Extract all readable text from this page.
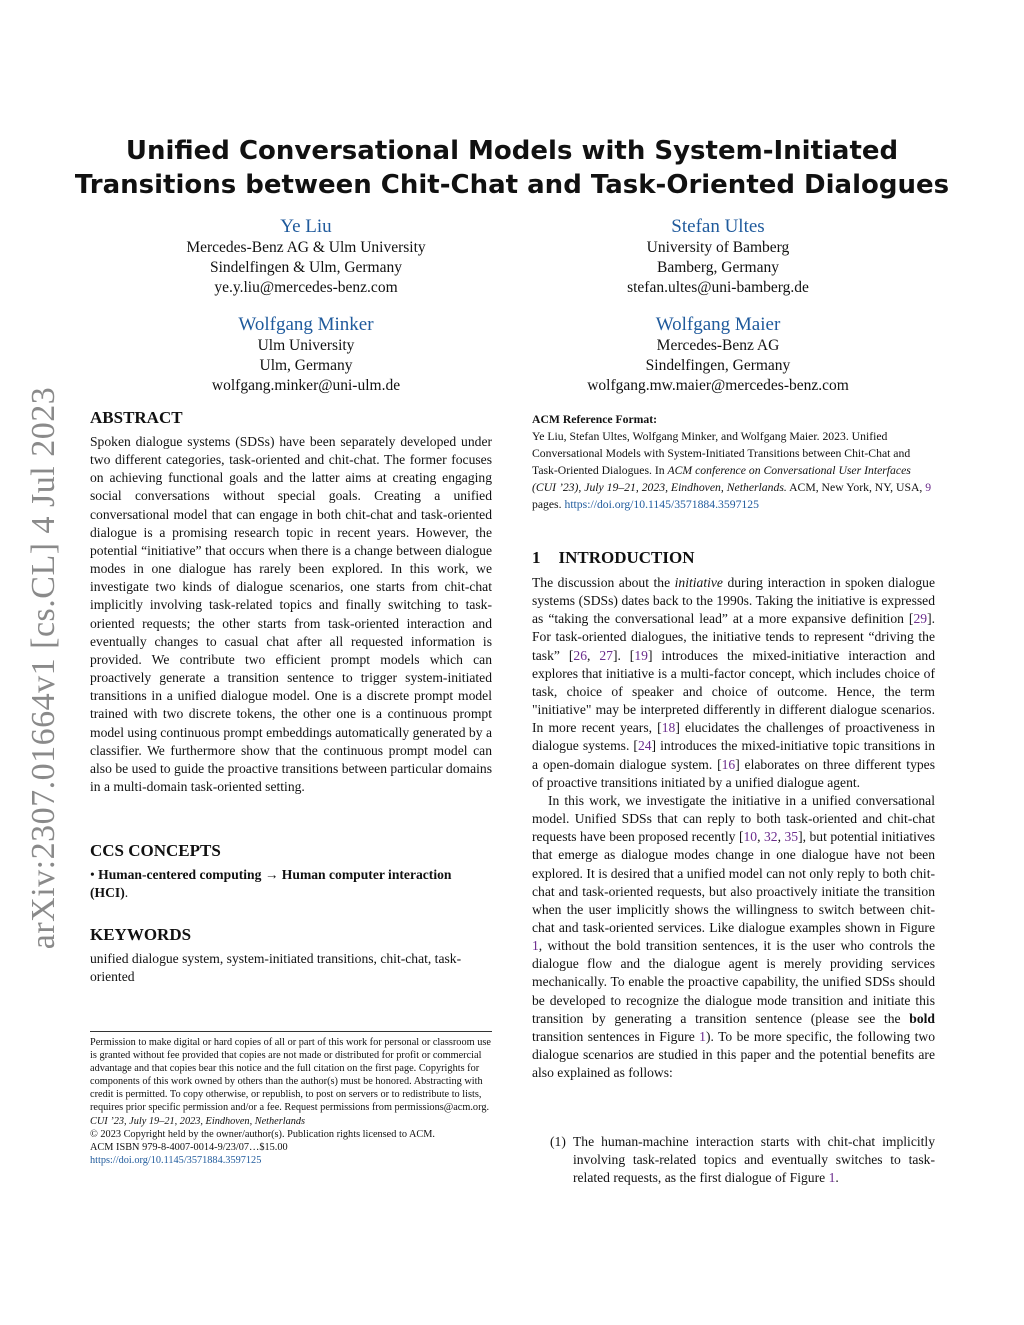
arXiv:2307.01664v1 [cs.CL] 4 Jul 2023
Unified Conversational Models with System-Initiated Transitions between Chit-Chat and Task-Oriented Dialogues
Ye Liu
Mercedes-Benz AG & Ulm University
Sindelfingen & Ulm, Germany
ye.y.liu@mercedes-benz.com
Stefan Ultes
University of Bamberg
Bamberg, Germany
stefan.ultes@uni-bamberg.de
Wolfgang Minker
Ulm University
Ulm, Germany
wolfgang.minker@uni-ulm.de
Wolfgang Maier
Mercedes-Benz AG
Sindelfingen, Germany
wolfgang.mw.maier@mercedes-benz.com
ABSTRACT

Spoken dialogue systems (SDSs) have been separately developed under two different categories, task-oriented and chit-chat. The former focuses on achieving functional goals and the latter aims at creating engaging social conversations without special goals. Creating a unified conversational model that can engage in both chit-chat and task-oriented dialogue is a promising research topic in recent years. However, the potential “initiative” that occurs when there is a change between dialogue modes in one dialogue has rarely been explored. In this work, we investigate two kinds of dialogue scenarios, one starts from chit-chat implicitly involving task-related topics and finally switching to task-oriented requests; the other starts from task-oriented interaction and eventually changes to casual chat after all requested information is provided. We contribute two efficient prompt models which can proactively generate a transition sentence to trigger system-initiated transitions in a unified dialogue model. One is a discrete prompt model trained with two discrete tokens, the other one is a continuous prompt model using continuous prompt embeddings automatically generated by a classifier. We furthermore show that the continuous prompt model can also be used to guide the proactive transitions between particular domains in a multi-domain task-oriented setting.

CCS CONCEPTS
• Human-centered computing → Human computer interaction (HCI).
KEYWORDS
unified dialogue system, system-initiated transitions, chit-chat, task-oriented

Permission to make digital or hard copies of all or part of this work for personal or classroom use is granted without fee provided that copies are not made or distributed for profit or commercial advantage and that copies bear this notice and the full citation on the first page. Copyrights for components of this work owned by others than the author(s) must be honored. Abstracting with credit is permitted. To copy otherwise, or republish, to post on servers or to redistribute to lists, requires prior specific permission and/or a fee. Request permissions from permissions@acm.org.

CUI ’23, July 19–21, 2023, Eindhoven, Netherlands

© 2023 Copyright held by the owner/author(s). Publication rights licensed to ACM.

ACM ISBN 979-8-4007-0014-9/23/07…$15.00

https://doi.org/10.1145/3571884.3597125

ACM Reference Format:
Ye Liu, Stefan Ultes, Wolfgang Minker, and Wolfgang Maier. 2023. Unified Conversational Models with System-Initiated Transitions between Chit-Chat and Task-Oriented Dialogues. In ACM conference on Conversational User Interfaces (CUI ’23), July 19–21, 2023, Eindhoven, Netherlands. ACM, New York, NY, USA, 9 pages. https://doi.org/10.1145/3571884.3597125
1 INTRODUCTION

The discussion about the initiative during interaction in spoken dialogue systems (SDSs) dates back to the 1990s. Taking the initiative is expressed as “taking the conversational lead” at a more expansive definition [29]. For task-oriented dialogues, the initiative tends to represent “driving the task” [26, 27]. [19] introduces the mixed-initiative interaction and explores that initiative is a multi-factor concept, which includes choice of task, choice of speaker and choice of outcome. Hence, the term "initiative" may be interpreted differently in different dialogue scenarios. In more recent years, [18] elucidates the challenges of proactiveness in dialogue systems. [24] introduces the mixed-initiative topic transitions in a open-domain dialogue system. [16] elaborates on three different types of proactive transitions initiated by a unified dialogue agent.

In this work, we investigate the initiative in a unified conversational model. Unified SDSs that can reply to both task-oriented and chit-chat requests have been proposed recently [10, 32, 35], but potential initiatives that emerge as dialogue modes change in one dialogue have not been explored. It is desired that a unified model can not only reply to both chit-chat and task-oriented requests, but also proactively initiate the transition when the user implicitly shows the willingness to switch between chit-chat and task-oriented services. Like dialogue examples shown in Figure 1, without the bold transition sentences, it is the user who controls the dialogue flow and the dialogue agent is merely providing services mechanically. To enable the proactive capability, the unified SDSs should be developed to recognize the dialogue mode transition and initiate this transition by generating a transition sentence (please see the bold transition sentences in Figure 1). To be more specific, the following two dialogue scenarios are studied in this paper and the potential benefits are also explained as follows:

(1) The human-machine interaction starts with chit-chat implicitly involving task-related topics and eventually switches to task-related requests, as the first dialogue of Figure 1.
